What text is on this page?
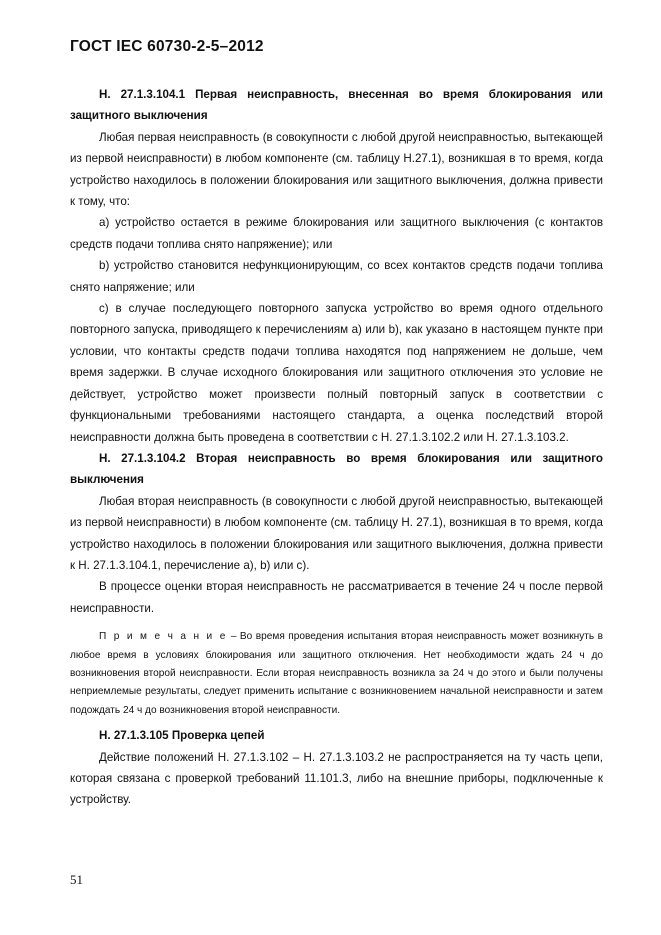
ГОСТ IEC 60730-2-5–2012

Н. 27.1.3.104.1 Первая неисправность, внесенная во время блокирования или защитного выключения

Любая первая неисправность (в совокупности с любой другой неисправностью, вытекающей из первой неисправности) в любом компоненте (см. таблицу Н.27.1), возникшая в то время, когда устройство находилось в положении блокирования или защитного выключения, должна привести к тому, что:

a) устройство остается в режиме блокирования или защитного выключения (с контактов средств подачи топлива снято напряжение); или

b) устройство становится нефункционирующим, со всех контактов средств подачи топлива снято напряжение; или

c) в случае последующего повторного запуска устройство во время одного отдельного повторного запуска, приводящего к перечислениям a) или b), как указано в настоящем пункте при условии, что контакты средств подачи топлива находятся под напряжением не дольше, чем время задержки. В случае исходного блокирования или защитного отключения это условие не действует, устройство может произвести полный повторный запуск в соответствии с функциональными требованиями настоящего стандарта, а оценка последствий второй неисправности должна быть проведена в соответствии с Н. 27.1.3.102.2 или Н. 27.1.3.103.2.

Н. 27.1.3.104.2 Вторая неисправность во время блокирования или защитного выключения

Любая вторая неисправность (в совокупности с любой другой неисправностью, вытекающей из первой неисправности) в любом компоненте (см. таблицу Н. 27.1), возникшая в то время, когда устройство находилось в положении блокирования или защитного выключения, должна привести к Н. 27.1.3.104.1, перечисление a), b) или c).

В процессе оценки вторая неисправность не рассматривается в течение 24 ч после первой неисправности.

П р и м е ч а н и е – Во время проведения испытания вторая неисправность может возникнуть в любое время в условиях блокирования или защитного отключения. Нет необходимости ждать 24 ч до возникновения второй неисправности. Если вторая неисправность возникла за 24 ч до этого и были получены неприемлемые результаты, следует применить испытание с возникновением начальной неисправности и затем подождать 24 ч до возникновения второй неисправности.

Н. 27.1.3.105 Проверка цепей

Действие положений Н. 27.1.3.102 – Н. 27.1.3.103.2 не распространяется на ту часть цепи, которая связана с проверкой требований 11.101.3, либо на внешние приборы, подключенные к устройству.

51
